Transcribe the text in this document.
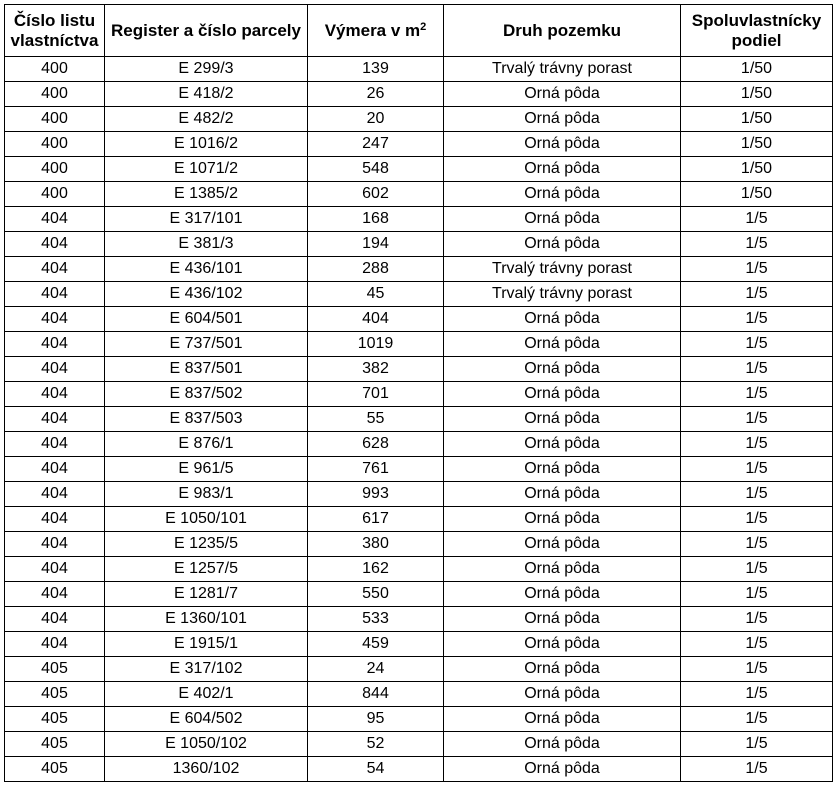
Číslo listu vlastníctva	Register a číslo parcely	Výmera v $m^2$	Druh pozemku	Spoluvlastnícky podiel
400	E 299/3	139	Trvalý trávny porast	1/50
400	E 418/2	26	Orná pôda	1/50
400	E 482/2	20	Orná pôda	1/50
400	E 1016/2	247	Orná pôda	1/50
400	E 1071/2	548	Orná pôda	1/50
400	E 1385/2	602	Orná pôda	1/50
404	E 317/101	168	Orná pôda	1/5
404	E 381/3	194	Orná pôda	1/5
404	E 436/101	288	Trvalý trávny porast	1/5
404	E 436/102	45	Trvalý trávny porast	1/5
404	E 604/501	404	Orná pôda	1/5
404	E 737/501	1019	Orná pôda	1/5
404	E 837/501	382	Orná pôda	1/5
404	E 837/502	701	Orná pôda	1/5
404	E 837/503	55	Orná pôda	1/5
404	E 876/1	628	Orná pôda	1/5
404	E 961/5	761	Orná pôda	1/5
404	E 983/1	993	Orná pôda	1/5
404	E 1050/101	617	Orná pôda	1/5
404	E 1235/5	380	Orná pôda	1/5
404	E 1257/5	162	Orná pôda	1/5
404	E 1281/7	550	Orná pôda	1/5
404	E 1360/101	533	Orná pôda	1/5
404	E 1915/1	459	Orná pôda	1/5
405	E 317/102	24	Orná pôda	1/5
405	E 402/1	844	Orná pôda	1/5
405	E 604/502	95	Orná pôda	1/5
405	E 1050/102	52	Orná pôda	1/5
405	1360/102	54	Orná pôda	1/5
